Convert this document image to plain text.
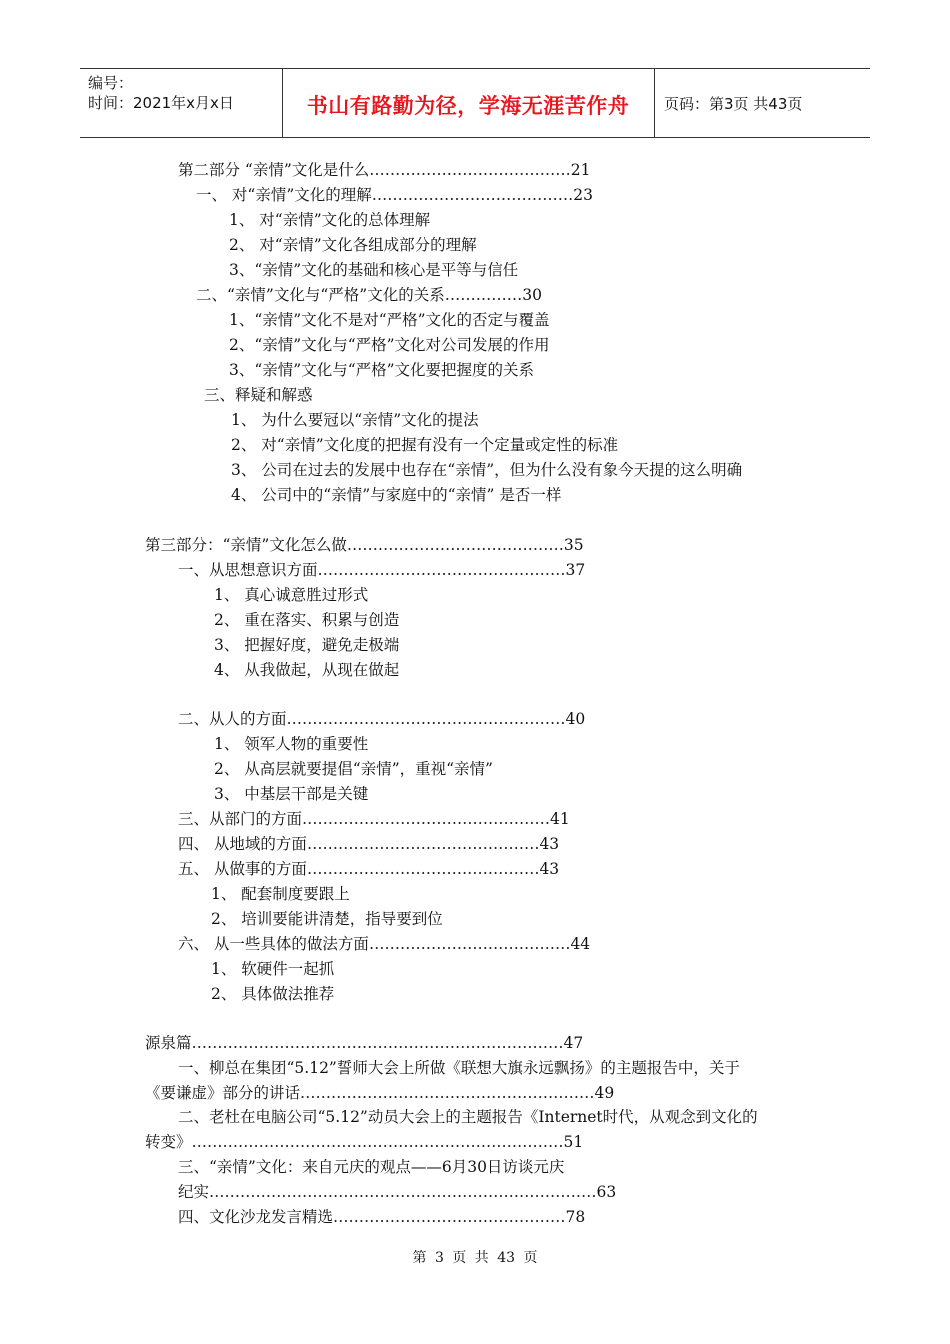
编号：
时间：2021年x月x日	书山有路勤为径，学海无涯苦作舟	页码：第3页 共43页
第二部分 “亲情”文化是什么…………………………………21
一、 对“亲情”文化的理解…………………………………23
1、 对“亲情”文化的总体理解
2、 对“亲情”文化各组成部分的理解
3、“亲情”文化的基础和核心是平等与信任
二、“亲情”文化与“严格”文化的关系……………30
1、“亲情”文化不是对“严格”文化的否定与覆盖
2、“亲情”文化与“严格”文化对公司发展的作用
3、“亲情”文化与“严格”文化要把握度的关系
三、释疑和解惑
1、 为什么要冠以“亲情”文化的提法
2、 对“亲情”文化度的把握有没有一个定量或定性的标准
3、 公司在过去的发展中也存在“亲情”，但为什么没有象今天提的这么明确
4、 公司中的“亲情”与家庭中的“亲情” 是否一样
第三部分：“亲情”文化怎么做……………………………………35
一、从思想意识方面…………………………………………37
1、 真心诚意胜过形式
2、 重在落实、积累与创造
3、 把握好度，避免走极端
4、 从我做起，从现在做起
二、从人的方面………………………………………………40
1、 领军人物的重要性
2、 从高层就要提倡“亲情”，重视“亲情”
3、 中基层干部是关键
三、从部门的方面…………………………………………41
四、 从地域的方面………………………………………43
五、 从做事的方面………………………………………43
1、 配套制度要跟上
2、 培训要能讲清楚，指导要到位
六、 从一些具体的做法方面…………………………………44
1、 软硬件一起抓
2、 具体做法推荐
源泉篇………………………………………………………………47
一、柳总在集团“5.12”誓师大会上所做《联想大旗永远飘扬》的主题报告中，关于
《要谦虚》部分的讲话…………………………………………………49
二、老杜在电脑公司“5.12”动员大会上的主题报告《Internet时代，从观念到文化的
转变》………………………………………………………………51
三、“亲情”文化：来自元庆的观点——6月30日访谈元庆
纪实…………………………………………………………………63
四、文化沙龙发言精选………………………………………78
第 3 页 共 43 页
